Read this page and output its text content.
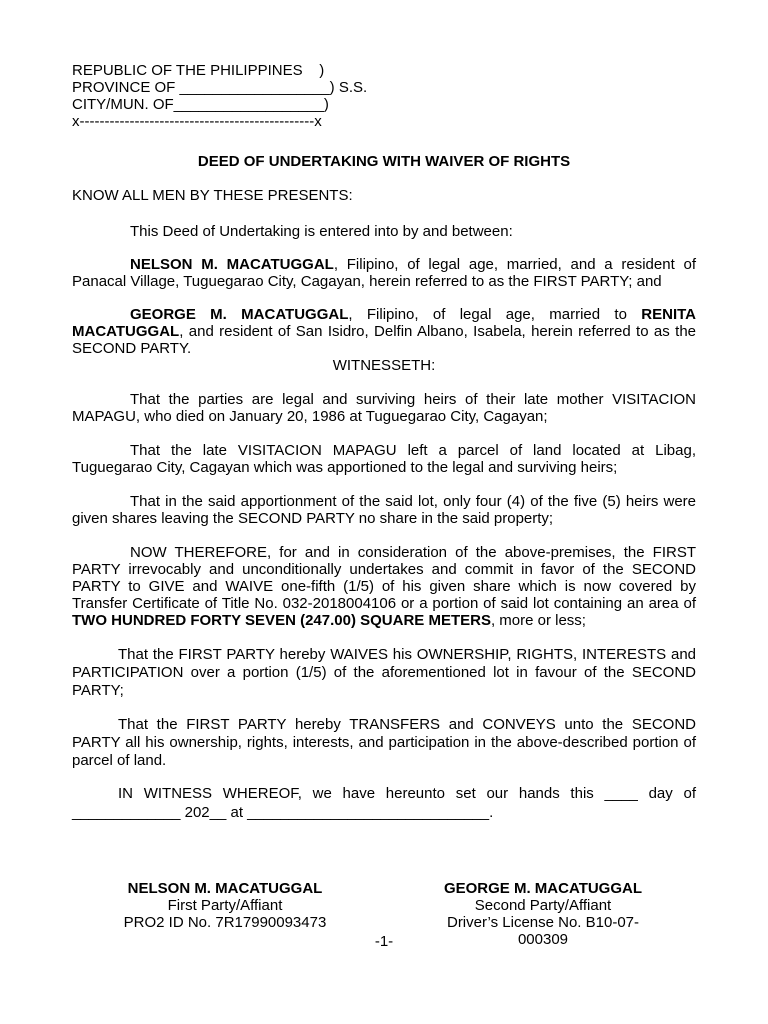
REPUBLIC OF THE PHILIPPINES    )
PROVINCE OF __________________) S.S.
CITY/MUN. OF__________________)
x-----------------------------------------------x
DEED OF UNDERTAKING WITH WAIVER OF RIGHTS
KNOW ALL MEN BY THESE PRESENTS:
This Deed of Undertaking is entered into by and between:
NELSON M. MACATUGGAL, Filipino, of legal age, married, and a resident of Panacal Village, Tuguegarao City, Cagayan, herein referred to as the FIRST PARTY; and
GEORGE M. MACATUGGAL, Filipino, of legal age, married to RENITA MACATUGGAL, and resident of San Isidro, Delfin Albano, Isabela, herein referred to as the SECOND PARTY.
WITNESSETH:
That the parties are legal and surviving heirs of their late mother VISITACION MAPAGU, who died on January 20, 1986 at Tuguegarao City, Cagayan;
That the late VISITACION MAPAGU left a parcel of land located at Libag, Tuguegarao City, Cagayan which was apportioned to the legal and surviving heirs;
That in the said apportionment of the said lot, only four (4) of the five (5) heirs were given shares leaving the SECOND PARTY no share in the said property;
NOW THEREFORE, for and in consideration of the above-premises, the FIRST PARTY irrevocably and unconditionally undertakes and commit in favor of the SECOND PARTY to GIVE and WAIVE one-fifth (1/5) of his given share which is now covered by Transfer Certificate of Title No. 032-2018004106 or a portion of said lot containing an area of TWO HUNDRED FORTY SEVEN (247.00) SQUARE METERS, more or less;
That the FIRST PARTY hereby WAIVES his OWNERSHIP, RIGHTS, INTERESTS and PARTICIPATION over a portion (1/5) of the aforementioned lot in favour of the SECOND PARTY;
That the FIRST PARTY hereby TRANSFERS and CONVEYS unto the SECOND PARTY all his ownership, rights, interests, and participation in the above-described portion of parcel of land.
IN WITNESS WHEREOF, we have hereunto set our hands this ____ day of
_____________ 202__ at _____________________________.
NELSON M. MACATUGGAL
First Party/Affiant
PRO2 ID No. 7R17990093473
GEORGE M. MACATUGGAL
Second Party/Affiant
Driver’s License No. B10-07-000309
-1-
